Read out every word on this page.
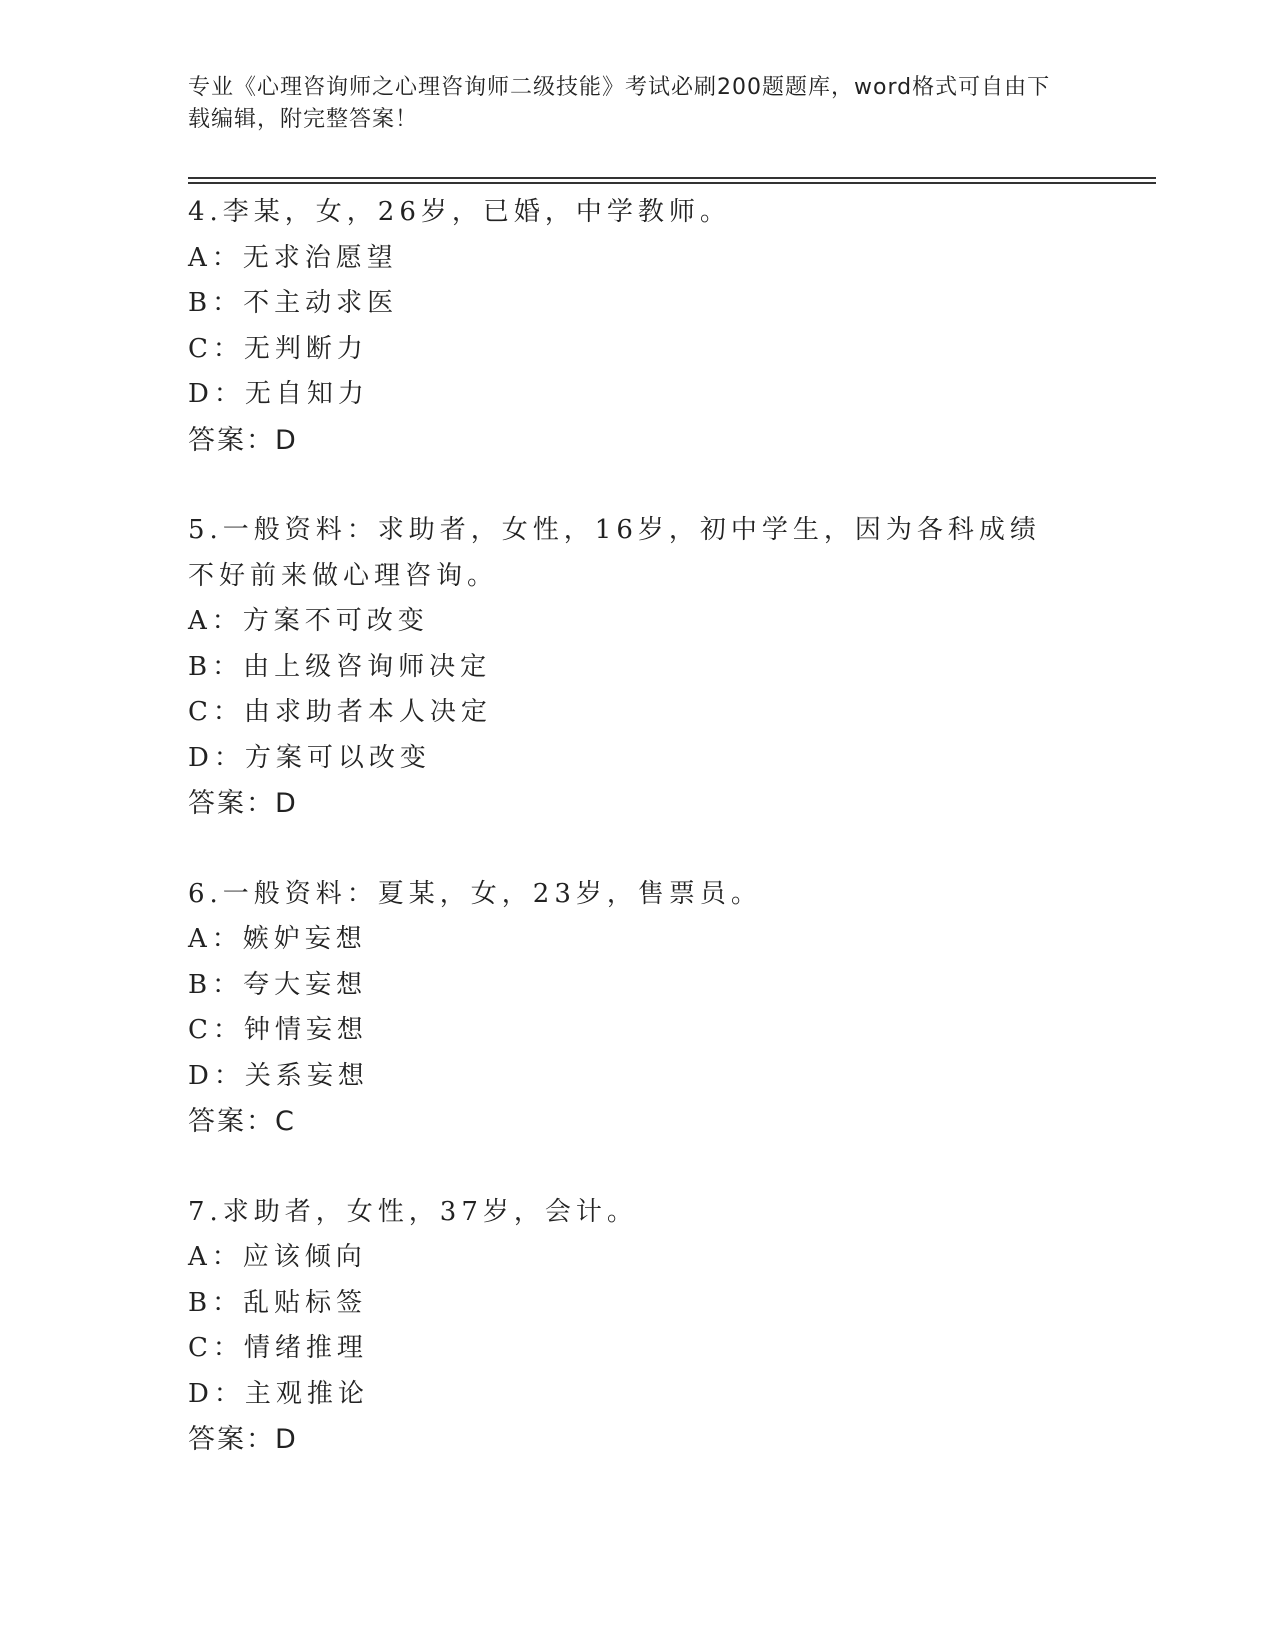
专业《心理咨询师之心理咨询师二级技能》考试必刷200题题库，word格式可自由下载编辑，附完整答案！
4.李某，女，26岁，已婚，中学教师。
A：无求治愿望
B：不主动求医
C：无判断力
D：无自知力
答案：D
5.一般资料：求助者，女性，16岁，初中学生，因为各科成绩不好前来做心理咨询。
A：方案不可改变
B：由上级咨询师决定
C：由求助者本人决定
D：方案可以改变
答案：D
6.一般资料：夏某，女，23岁，售票员。
A：嫉妒妄想
B：夸大妄想
C：钟情妄想
D：关系妄想
答案：C
7.求助者，女性，37岁，会计。
A：应该倾向
B：乱贴标签
C：情绪推理
D：主观推论
答案：D
